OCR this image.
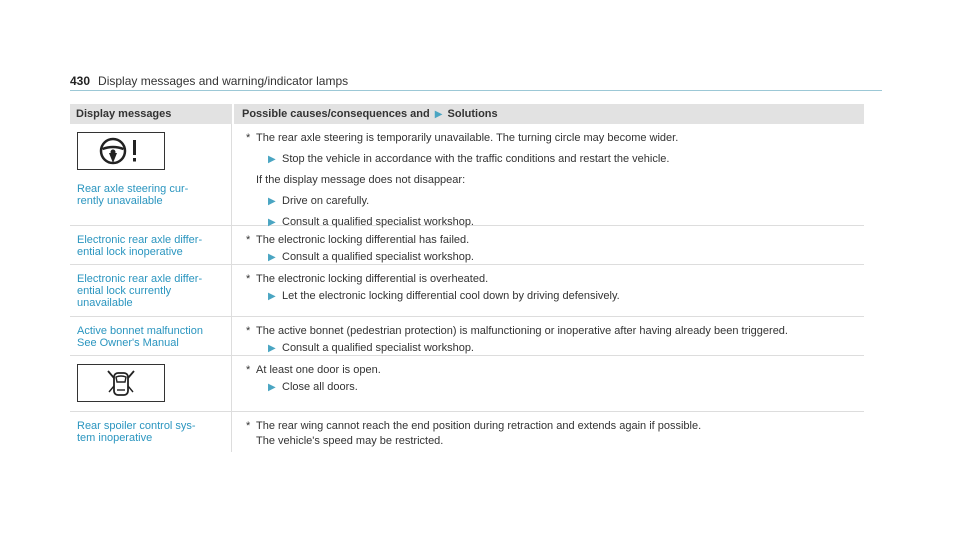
430 Display messages and warning/indicator lamps
Display messages	Possible causes/consequences and ▶ Solutions
Rear axle steering cur-
rently unavailable
* The rear axle steering is temporarily unavailable. The turning circle may become wider.
▶ Stop the vehicle in accordance with the traffic conditions and restart the vehicle.
If the display message does not disappear:
▶ Drive on carefully.
▶ Consult a qualified specialist workshop.
Electronic rear axle differ-
ential lock inoperative
* The electronic locking differential has failed.
▶ Consult a qualified specialist workshop.
Electronic rear axle differ-
ential lock currently
unavailable
* The electronic locking differential is overheated.
▶ Let the electronic locking differential cool down by driving defensively.
Active bonnet malfunction
See Owner's Manual
* The active bonnet (pedestrian protection) is malfunctioning or inoperative after having already been triggered.
▶ Consult a qualified specialist workshop.
* At least one door is open.
▶ Close all doors.
Rear spoiler control sys-
tem inoperative
* The rear wing cannot reach the end position during retraction and extends again if possible.
The vehicle's speed may be restricted.
